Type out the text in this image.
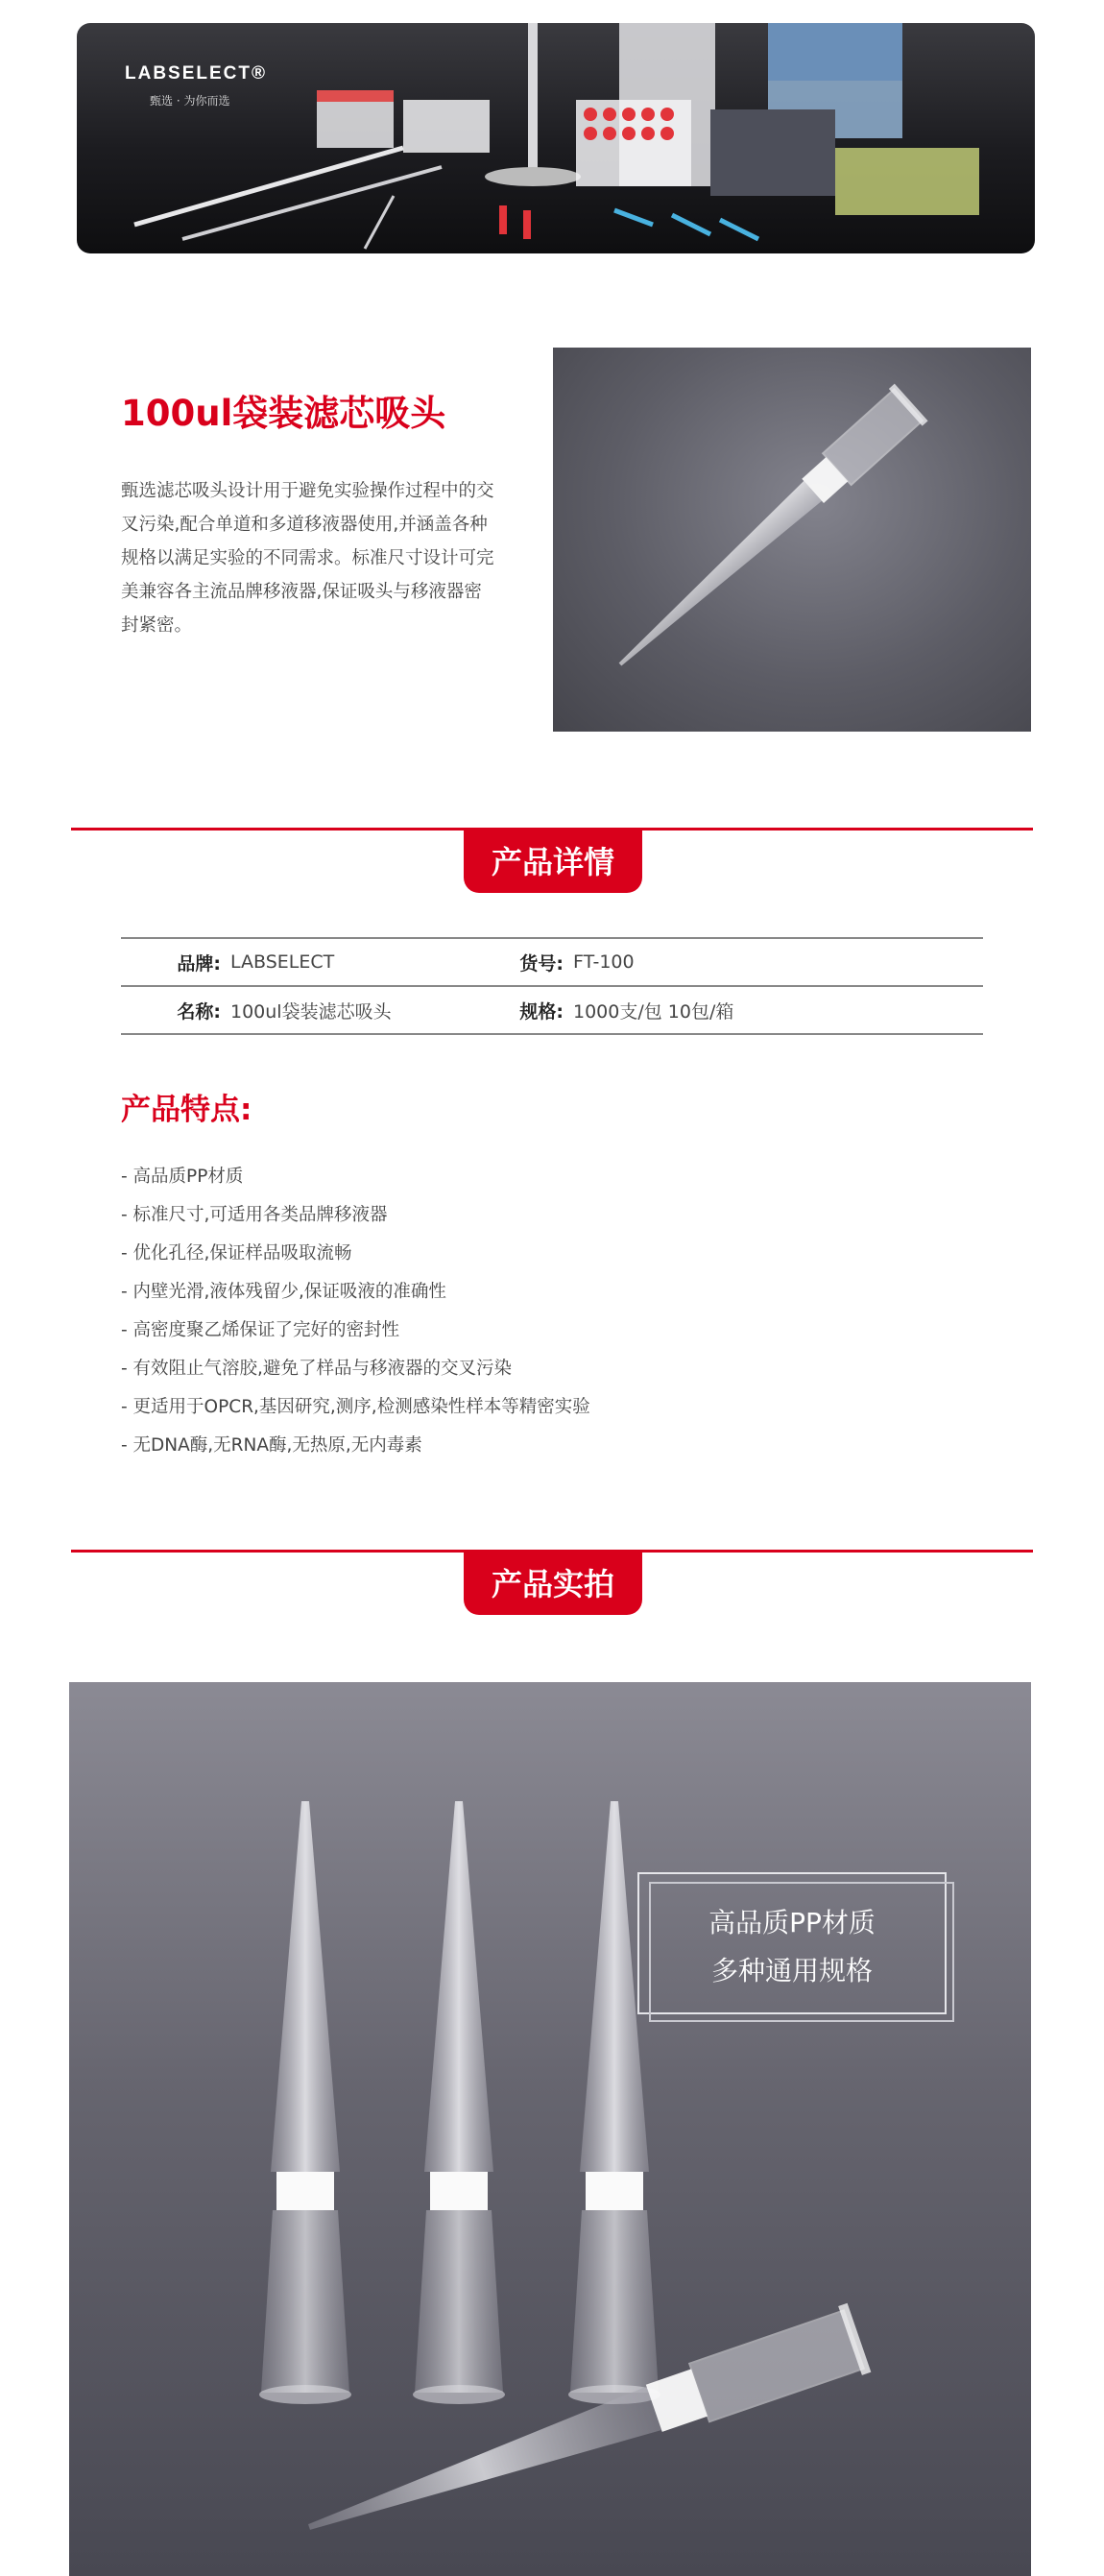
LABSELECT®
甄选 · 为你而选
100ul袋装滤芯吸头

甄选滤芯吸头设计用于避免实验操作过程中的交叉污染,配合单道和多道移液器使用,并涵盖各种规格以满足实验的不同需求。标准尺寸设计可完美兼容各主流品牌移液器,保证吸头与移液器密封紧密。

产品详情
品牌: LABSELECT	货号: FT-100
名称: 100ul袋装滤芯吸头	规格: 1000支/包 10包/箱
产品特点:
- 高品质PP材质
- 标准尺寸,可适用各类品牌移液器
- 优化孔径,保证样品吸取流畅
- 内壁光滑,液体残留少,保证吸液的准确性
- 高密度聚乙烯保证了完好的密封性
- 有效阻止气溶胶,避免了样品与移液器的交叉污染
- 更适用于OPCR,基因研究,测序,检测感染性样本等精密实验
- 无DNA酶,无RNA酶,无热原,无内毒素
产品实拍
高品质PP材质
多种通用规格
